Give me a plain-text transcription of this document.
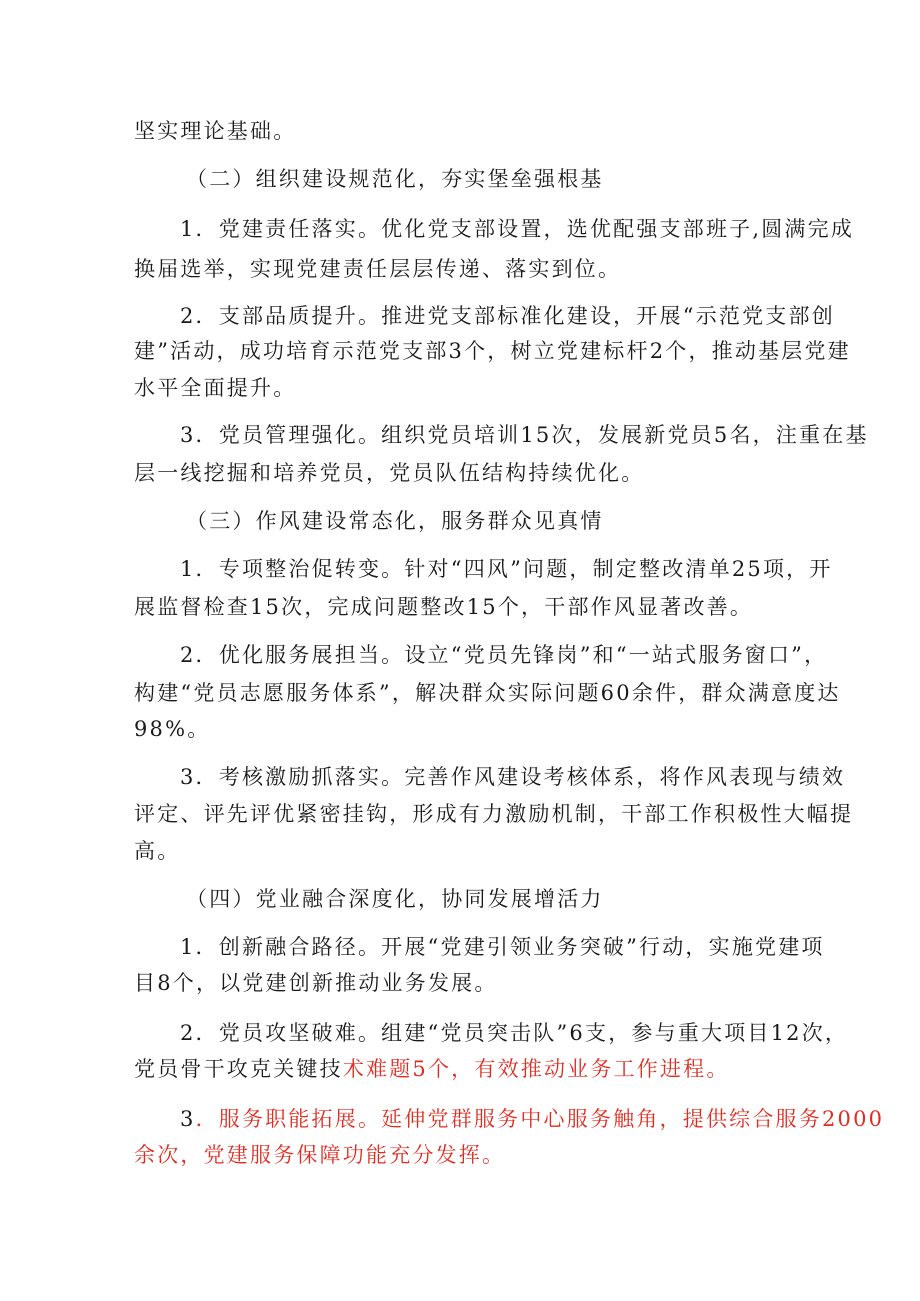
坚实理论基础。
（二）组织建设规范化，夯实堡垒强根基
1．党建责任落实。优化党支部设置，选优配强支部班子,圆满完成
换届选举，实现党建责任层层传递、落实到位。
2．支部品质提升。推进党支部标准化建设，开展“示范党支部创
建”活动，成功培育示范党支部3个，树立党建标杆2个，推动基层党建
水平全面提升。
3．党员管理强化。组织党员培训15次，发展新党员5名，注重在基
层一线挖掘和培养党员，党员队伍结构持续优化。
（三）作风建设常态化，服务群众见真情
1．专项整治促转变。针对“四风”问题，制定整改清单25项，开
展监督检查15次，完成问题整改15个，干部作风显著改善。
2．优化服务展担当。设立“党员先锋岗”和“一站式服务窗口”，
构建“党员志愿服务体系”，解决群众实际问题60余件，群众满意度达
98%。
3．考核激励抓落实。完善作风建设考核体系，将作风表现与绩效
评定、评先评优紧密挂钩，形成有力激励机制，干部工作积极性大幅提
高。
（四）党业融合深度化，协同发展增活力
1．创新融合路径。开展“党建引领业务突破”行动，实施党建项
目8个，以党建创新推动业务发展。
2．党员攻坚破难。组建“党员突击队”6支，参与重大项目12次，
党员骨干攻克关键技术难题5个，有效推动业务工作进程。
3．服务职能拓展。延伸党群服务中心服务触角，提供综合服务2000
余次，党建服务保障功能充分发挥。
